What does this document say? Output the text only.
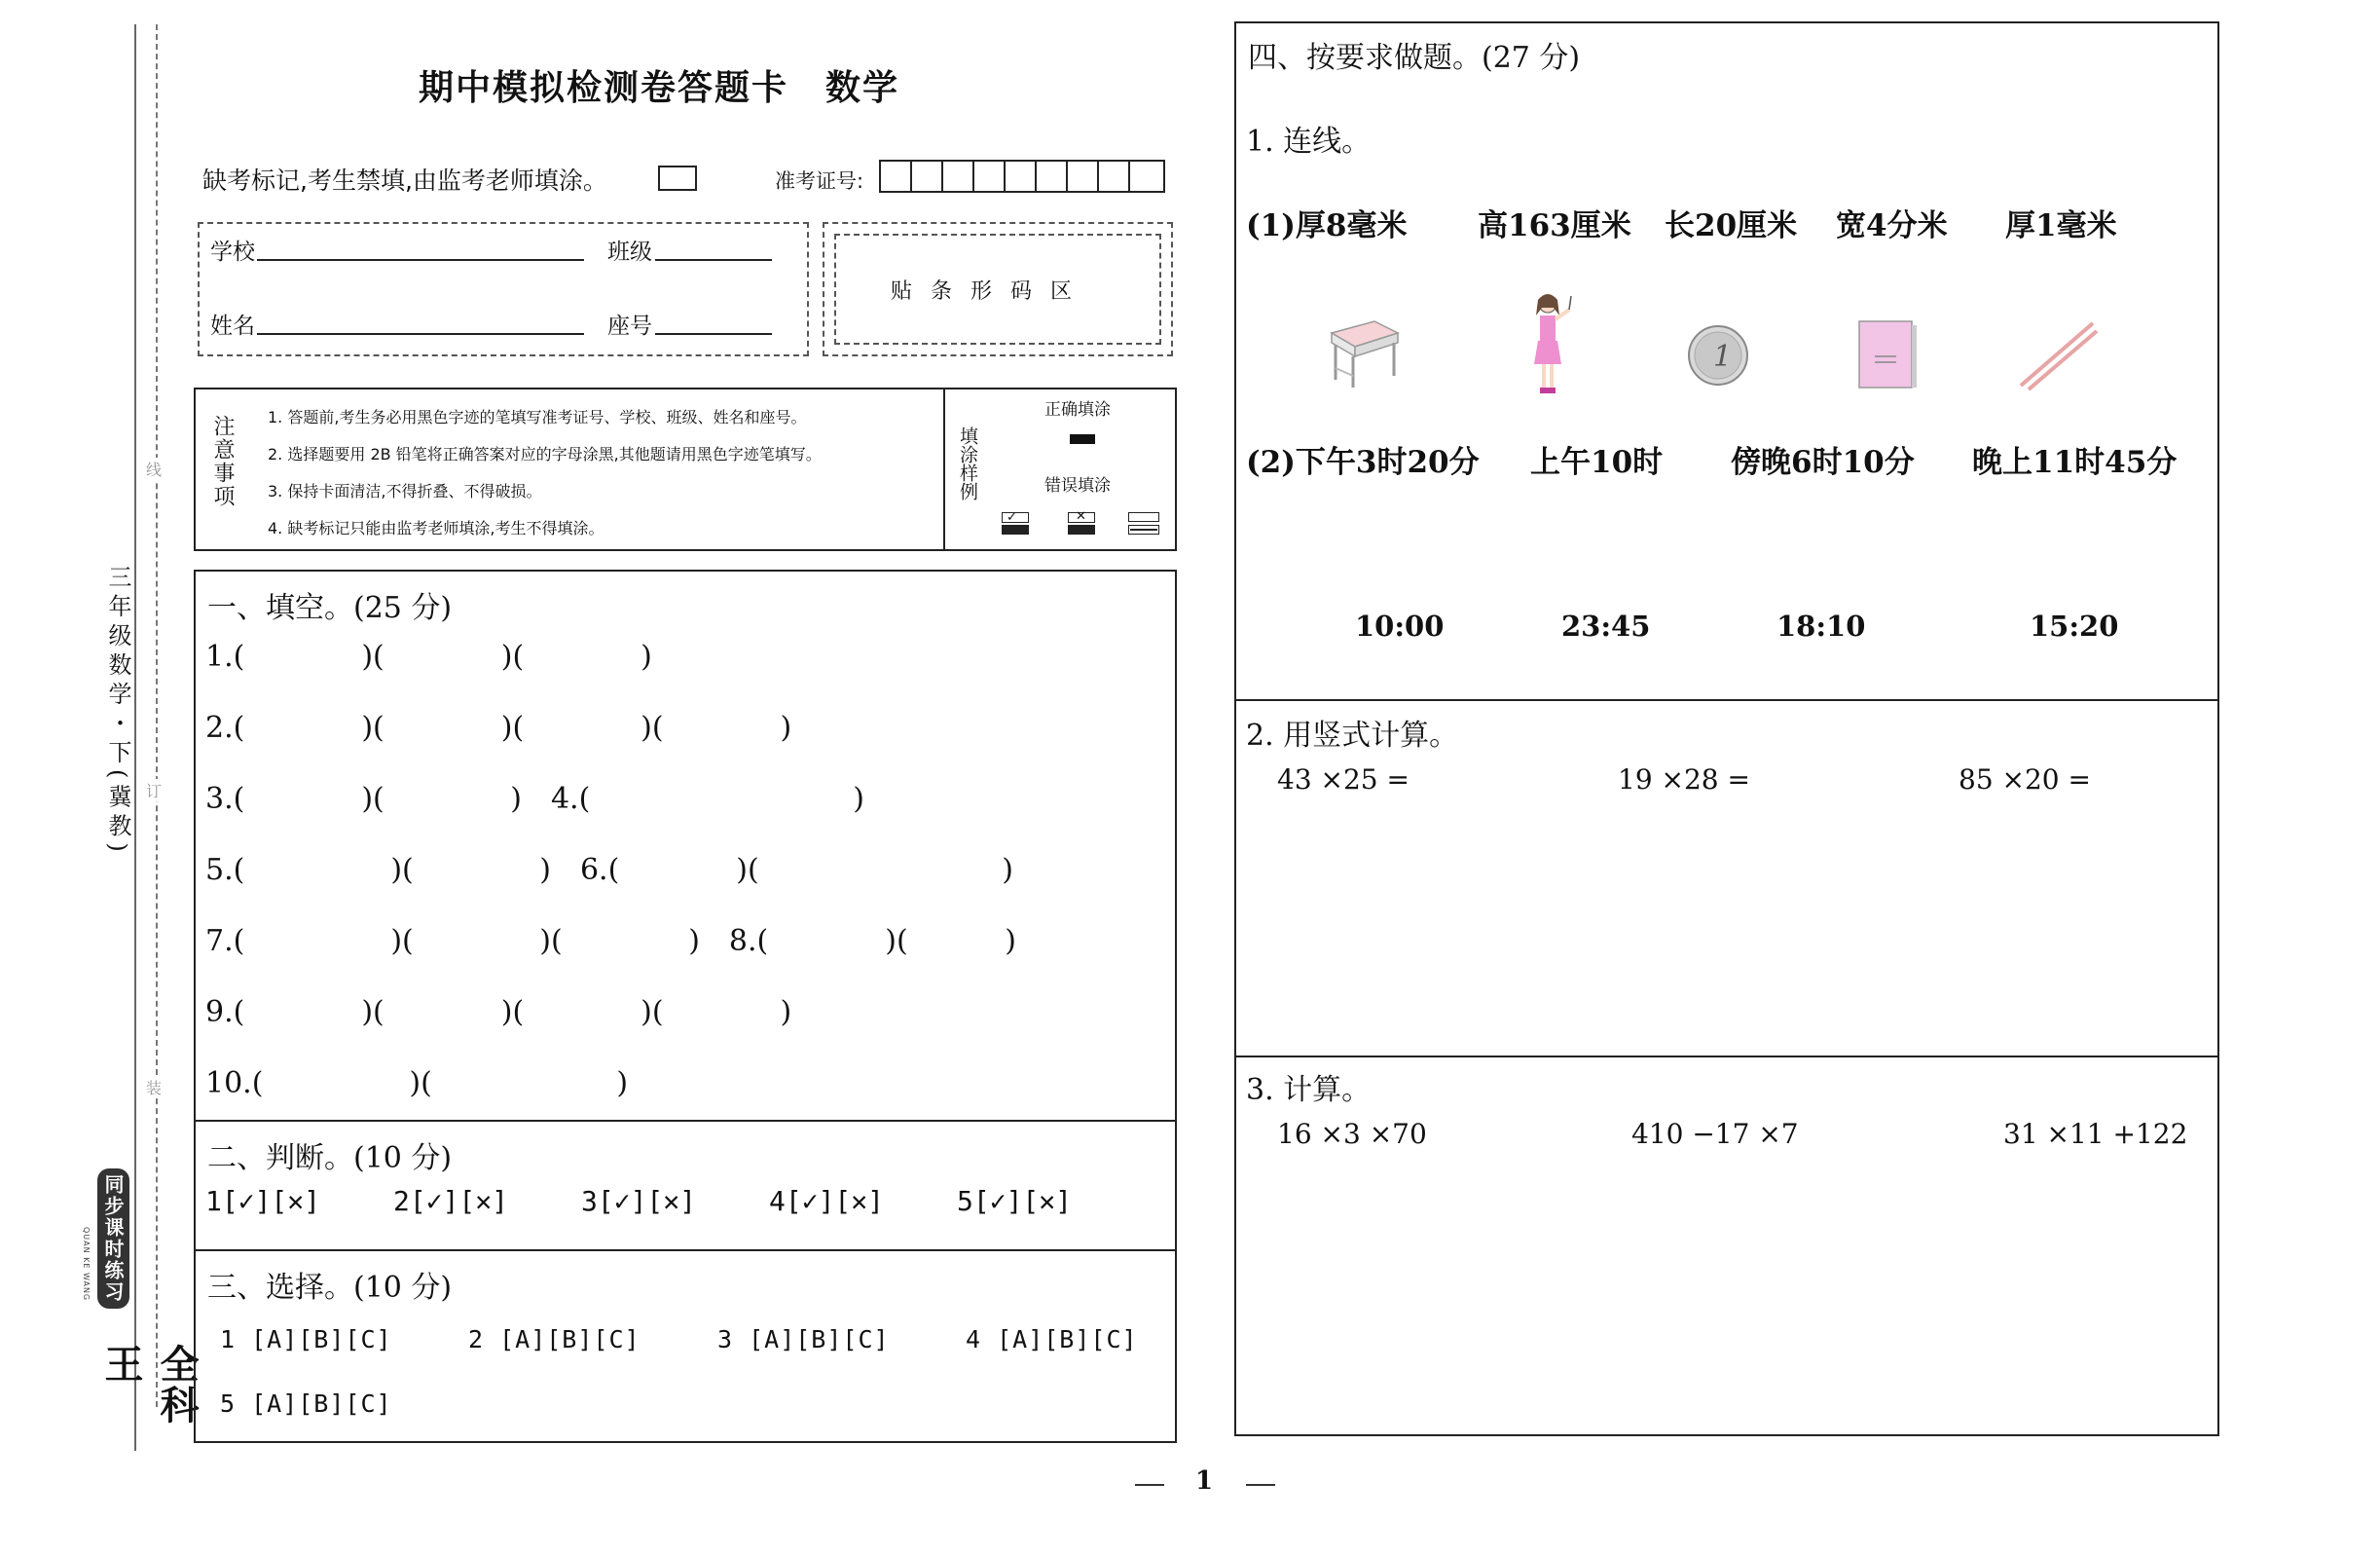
三年级数学・下(冀教)
线
订
装
全科王
同步课时练习
QUAN KE WANG
期中模拟检测卷答题卡　数学
缺考标记,考生禁填,由监考老师填涂。	准考证号:
学校	班级
姓名	座号
贴 条 形 码 区
注意事项 1. 答题前,考生务必用黑色字迹的笔填写准考证号、学校、班级、姓名和座号。
2. 选择题要用 2B 铅笔将正确答案对应的字母涂黑,其他题请用黑色字迹笔填写。
3. 保持卡面清洁,不得折叠、不得破损。
4. 缺考标记只能由监考老师填涂,考生不得填涂。
填涂样例
正确填涂
错误填涂
✓	✕
一、填空。(25 分)
1.(　　　　)(　　　　)(　　　　)
2.(　　　　)(　　　　)(　　　　)(　　　　)
3.(　　　　)(　　　　 )　4.(　　　　　　　　　)
5.(　　　　　)(　　　　 )　6.(　　　　)(　　　　　　　　 )
7.(　　　　　)(　　　　 )(　　　　 )　8.(　　　　)(　　　 )
9.(　　　　)(　　　　)(　　　　)(　　　　)
10.(　　　　　)(　　　　　　 )
二、判断。(10 分)
1[✓][✕]	2[✓][✕]	3[✓][✕]	4[✓][✕]	5[✓][✕]
三、选择。(10 分)
1 [A][B][C]	2 [A][B][C]	3 [A][B][C]	4 [A][B][C]
5 [A][B][C]
四、按要求做题。(27 分)
1. 连线。
(1)厚8毫米 高163厘米 长20厘米 宽4分米 厚1毫米
1
(2)下午3时20分 上午10时 傍晚6时10分 晚上11时45分
10:00	23:45	18:10	15:20
2. 用竖式计算。
43 ×25 =	19 ×28 =	85 ×20 =
3. 计算。
16 ×3 ×70	410 −17 ×7	31 ×11 +122
1
